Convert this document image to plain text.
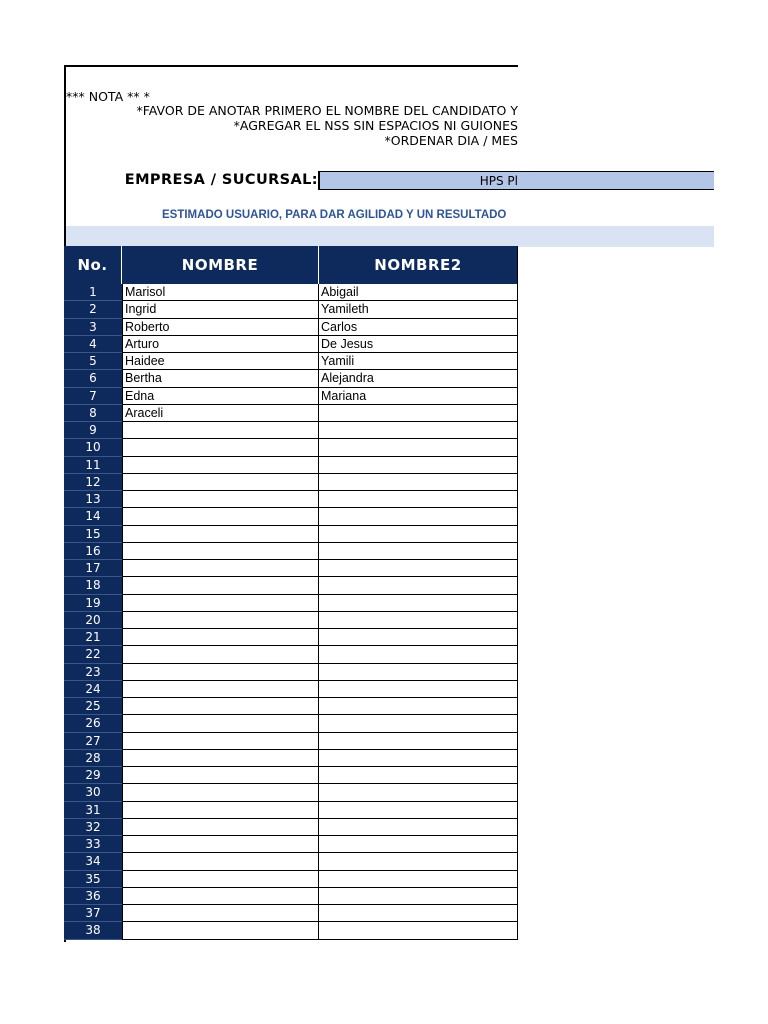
*** NOTA ** *
*FAVOR DE ANOTAR PRIMERO EL NOMBRE DEL CANDIDATO Y
*AGREGAR EL NSS SIN ESPACIOS NI GUIONES
*ORDENAR DIA / MES
EMPRESA / SUCURSAL:	HPS Pl
ESTIMADO USUARIO, PARA DAR AGILIDAD Y UN RESULTADO
No.	NOMBRE	NOMBRE2
1	Marisol	Abigail
2	Ingrid	Yamileth
3	Roberto	Carlos
4	Arturo	De Jesus
5	Haidee	Yamili
6	Bertha	Alejandra
7	Edna	Mariana
8	Araceli
9
10
11
12
13
14
15
16
17
18
19
20
21
22
23
24
25
26
27
28
29
30
31
32
33
34
35
36
37
38
